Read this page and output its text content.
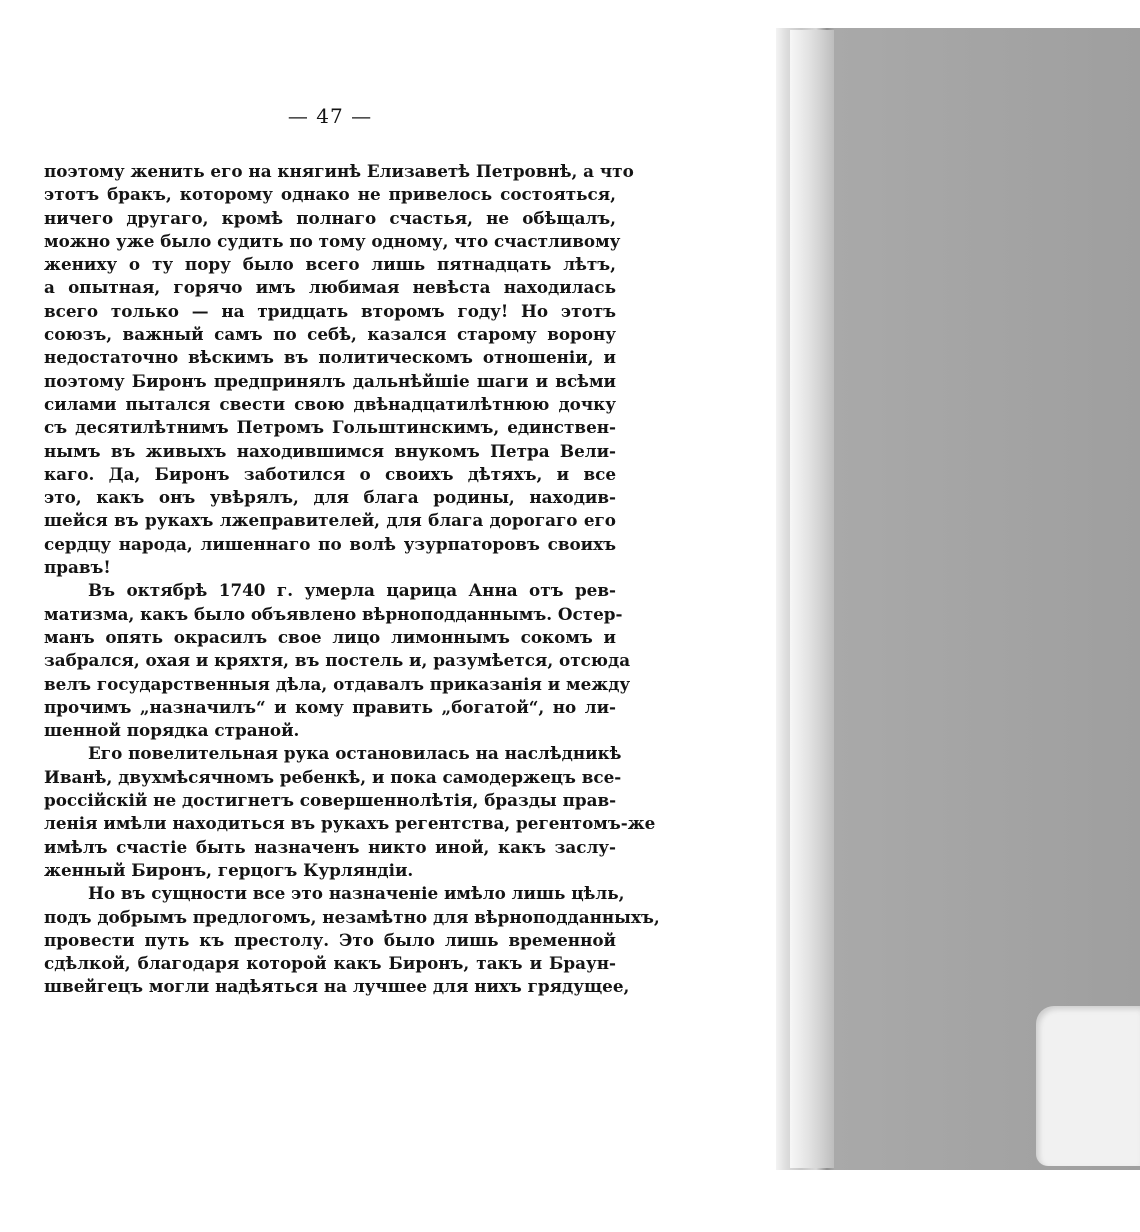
— 47 —
поэтому женить его на княгинѣ Елизаветѣ Петровнѣ, а что
этотъ бракъ, которому однако не привелось состояться,
ничего другаго, кромѣ полнаго счастья, не обѣщалъ,
можно уже было судить по тому одному, что счастливому
жениху о ту пору было всего лишь пятнадцать лѣтъ,
а опытная, горячо имъ любимая невѣста находилась
всего только — на тридцать второмъ году! Но этотъ
союзъ, важный самъ по себѣ, казался старому ворону
недостаточно вѣскимъ въ политическомъ отношеніи, и
поэтому Биронъ предпринялъ дальнѣйшіе шаги и всѣми
силами пытался свести свою двѣнадцатилѣтнюю дочку
съ десятилѣтнимъ Петромъ Гольштинскимъ, единствен-
нымъ въ живыхъ находившимся внукомъ Петра Вели-
каго. Да, Биронъ заботился о своихъ дѣтяхъ, и все
это, какъ онъ увѣрялъ, для блага родины, находив-
шейся въ рукахъ лжеправителей, для блага дорогаго его
сердцу народа, лишеннаго по волѣ узурпаторовъ своихъ
правъ!
Въ октябрѣ 1740 г. умерла царица Анна отъ рев-
матизма, какъ было объявлено вѣрноподданнымъ. Остер-
манъ опять окрасилъ свое лицо лимоннымъ сокомъ и
забрался, охая и кряхтя, въ постель и, разумѣется, отсюда
велъ государственныя дѣла, отдавалъ приказанія и между
прочимъ „назначилъ“ и кому править „богатой“, но ли-
шенной порядка страной.
Его повелительная рука остановилась на наслѣдникѣ
Иванѣ, двухмѣсячномъ ребенкѣ, и пока самодержецъ все-
россійскій не достигнетъ совершеннолѣтія, бразды прав-
ленія имѣли находиться въ рукахъ регентства, регентомъ-же
имѣлъ счастіе быть назначенъ никто иной, какъ заслу-
женный Биронъ, герцогъ Курляндіи.
Но въ сущности все это назначеніе имѣло лишь цѣль,
подъ добрымъ предлогомъ, незамѣтно для вѣрноподданныхъ,
провести путь къ престолу. Это было лишь временной
сдѣлкой, благодаря которой какъ Биронъ, такъ и Браун-
швейгецъ могли надѣяться на лучшее для нихъ грядущее,
